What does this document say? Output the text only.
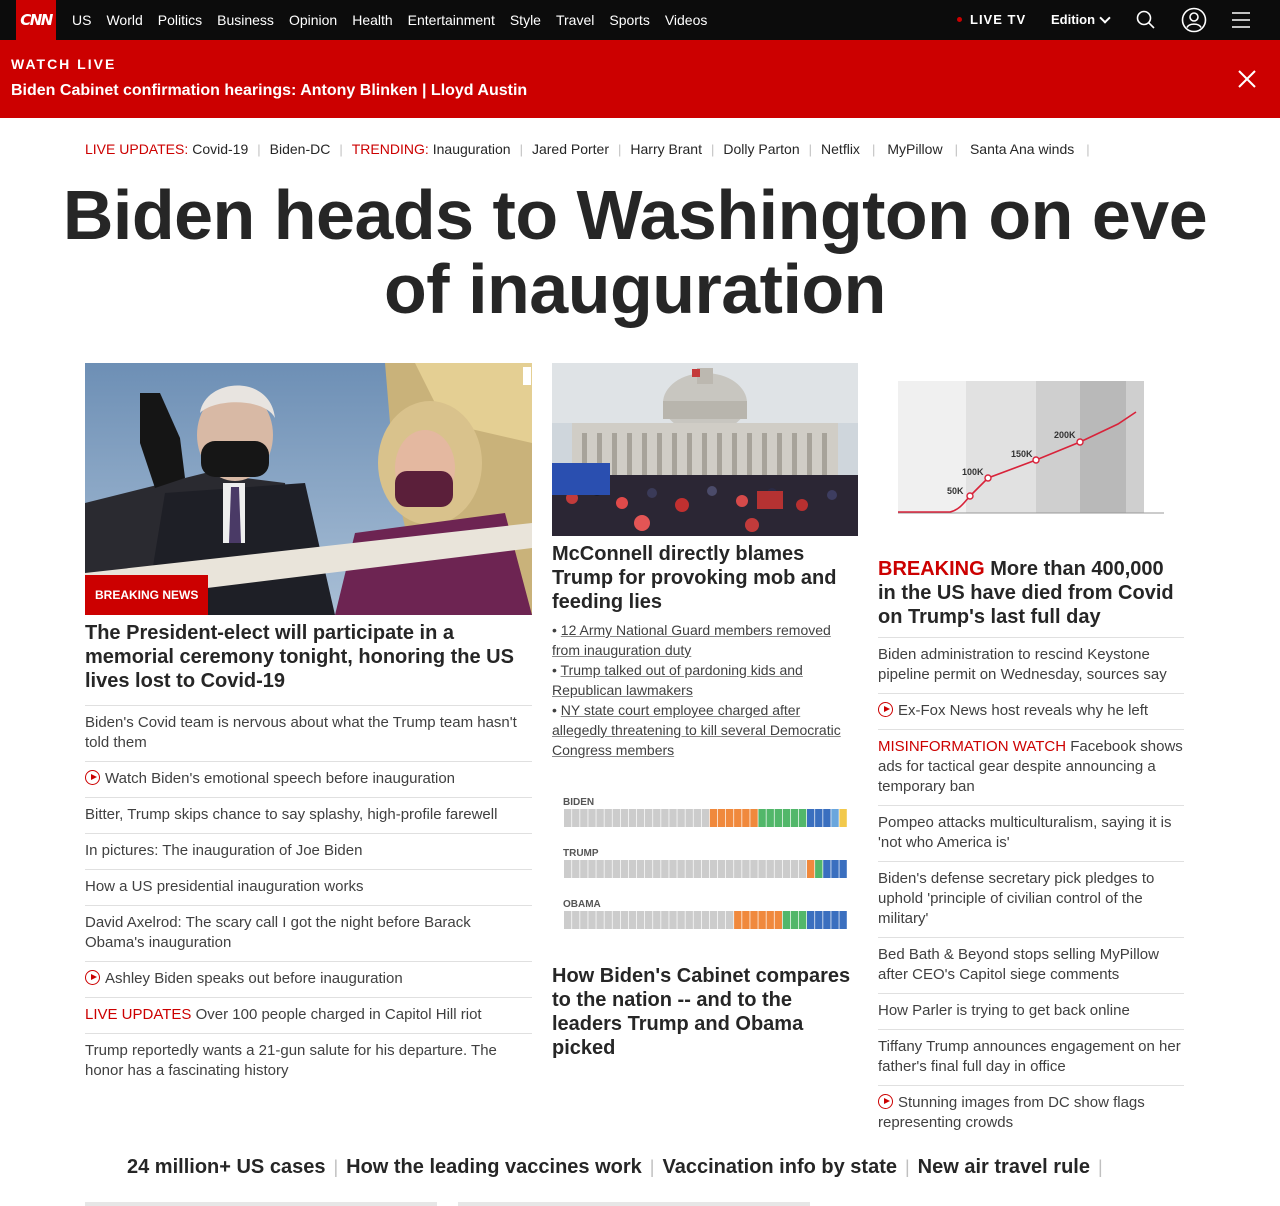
CNN US World Politics Business Opinion Health Entertainment Style Travel Sports Videos	LIVE TV Edition
WATCH LIVE
Biden Cabinet confirmation hearings: Antony Blinken | Lloyd Austin
LIVE UPDATES: Covid-19 | Biden-DC | TRENDING: Inauguration | Jared Porter | Harry Brant | Dolly Parton | Netflix | MyPillow | Santa Ana winds |
Biden heads to Washington on eve of inauguration
BREAKING NEWS
The President-elect will participate in a memorial ceremony tonight, honoring the US lives lost to Covid-19
Biden's Covid team is nervous about what the Trump team hasn't told them
Watch Biden's emotional speech before inauguration
Bitter, Trump skips chance to say splashy, high-profile farewell
In pictures: The inauguration of Joe Biden
How a US presidential inauguration works
David Axelrod: The scary call I got the night before Barack Obama's inauguration
Ashley Biden speaks out before inauguration
LIVE UPDATES Over 100 people charged in Capitol Hill riot
Trump reportedly wants a 21-gun salute for his departure. The honor has a fascinating history
McConnell directly blames Trump for provoking mob and feeding lies
• 12 Army National Guard members removed from inauguration duty
• Trump talked out of pardoning kids and Republican lawmakers
• NY state court employee charged after allegedly threatening to kill several Democratic Congress members
BIDEN
TRUMP
OBAMA
How Biden's Cabinet compares to the nation -- and to the leaders Trump and Obama picked
50K
100K
150K
200K
BREAKING More than 400,000 in the US have died from Covid on Trump's last full day
Biden administration to rescind Keystone pipeline permit on Wednesday, sources say
Ex-Fox News host reveals why he left
MISINFORMATION WATCH Facebook shows ads for tactical gear despite announcing a temporary ban
Pompeo attacks multiculturalism, saying it is 'not who America is'
Biden's defense secretary pick pledges to uphold 'principle of civilian control of the military'
Bed Bath & Beyond stops selling MyPillow after CEO's Capitol siege comments
How Parler is trying to get back online
Tiffany Trump announces engagement on her father's final full day in office
Stunning images from DC show flags representing crowds
24 million+ US cases | How the leading vaccines work | Vaccination info by state | New air travel rule |
